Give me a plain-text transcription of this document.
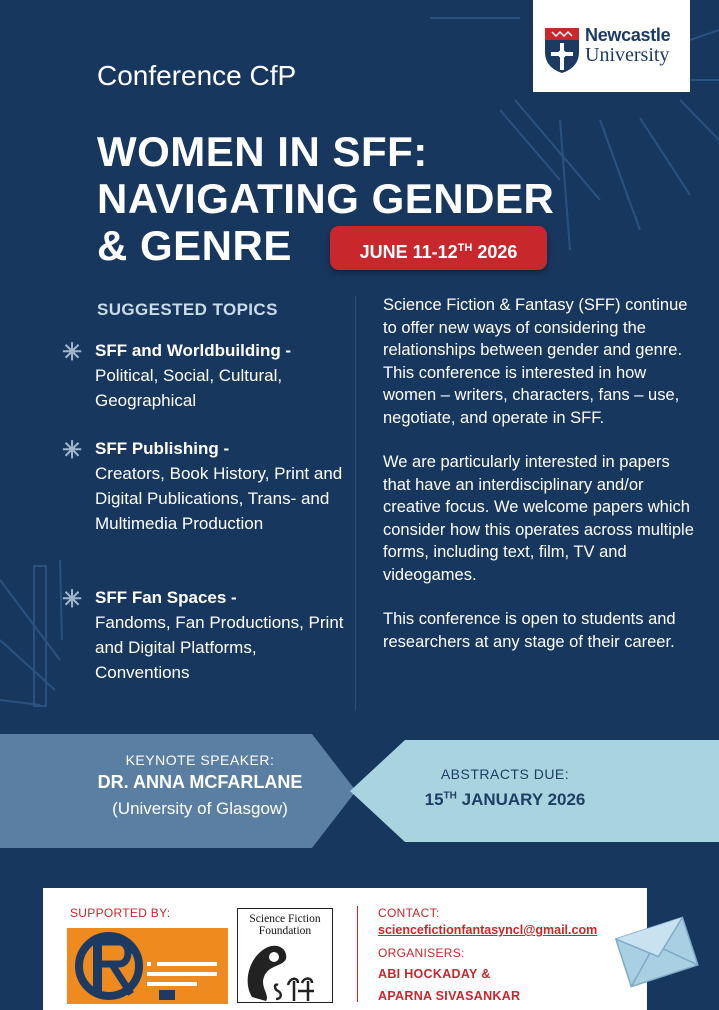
Newcastle
University
Conference CfP
WOMEN IN SFF:
NAVIGATING GENDER
& GENRE	JUNE 11-12TH 2026
SUGGESTED TOPICS
✳ SFF and Worldbuilding -
Political, Social, Cultural, Geographical
✳ SFF Publishing -
Creators, Book History, Print and Digital Publications, Trans- and Multimedia Production
✳ SFF Fan Spaces -
Fandoms, Fan Productions, Print and Digital Platforms, Conventions

Science Fiction & Fantasy (SFF) continue to offer new ways of considering the relationships between gender and genre. This conference is interested in how women – writers, characters, fans – use, negotiate, and operate in SFF.

We are particularly interested in papers that have an interdisciplinary and/or creative focus. We welcome papers which consider how this operates across multiple forms, including text, film, TV and videogames.

This conference is open to students and researchers at any stage of their career.

KEYNOTE SPEAKER:
DR. ANNA MCFARLANE
(University of Glasgow)
ABSTRACTS DUE:
15TH JANUARY 2026
SUPPORTED BY:	Science Fiction
Foundation
CONTACT:
sciencefictionfantasyncl@gmail.com
ORGANISERS:
ABI HOCKADAY &
APARNA SIVASANKAR
